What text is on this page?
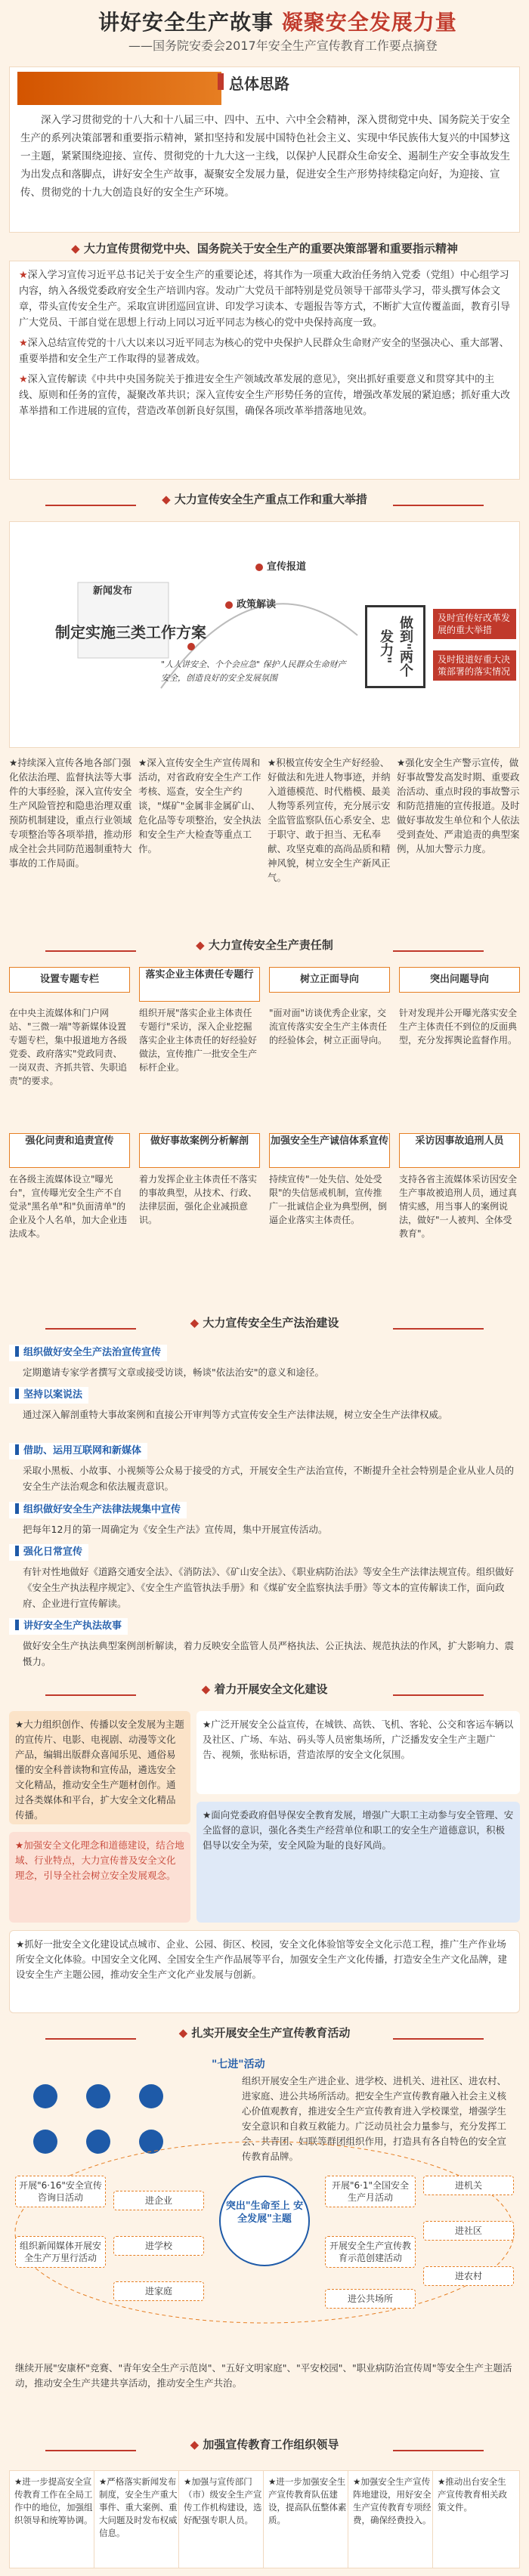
讲好安全生产故事 凝聚安全发展力量
——国务院安委会2017年安全生产宣传教育工作要点摘登
总体思路
深入学习贯彻党的十八大和十八届三中、四中、五中、六中全会精神，深入贯彻党中央、国务院关于安全生产的系列决策部署和重要指示精神，紧扣坚持和发展中国特色社会主义、实现中华民族伟大复兴的中国梦这一主题，紧紧围绕迎接、宣传、贯彻党的十九大这一主线，以保护人民群众生命安全、遏制生产安全事故发生为出发点和落脚点，讲好安全生产故事，凝聚安全发展力量，促进安全生产形势持续稳定向好，为迎接、宣传、贯彻党的十九大创造良好的安全生产环境。
◆ 大力宣传贯彻党中央、国务院关于安全生产的重要决策部署和重要指示精神

★深入学习宣传习近平总书记关于安全生产的重要论述，将其作为一项重大政治任务纳入党委（党组）中心组学习内容，纳入各级党委政府安全生产培训内容。发动广大党员干部特别是党员领导干部带头学习，带头撰写体会文章，带头宣传安全生产。采取宣讲团巡回宣讲、印发学习读本、专题报告等方式，不断扩大宣传覆盖面，教育引导广大党员、干部自觉在思想上行动上同以习近平同志为核心的党中央保持高度一致。

★深入总结宣传党的十八大以来以习近平同志为核心的党中央保护人民群众生命财产安全的坚强决心、重大部署、重要举措和安全生产工作取得的显著成效。

★深入宣传解读《中共中央国务院关于推进安全生产领域改革发展的意见》，突出抓好重要意义和贯穿其中的主线、原则和任务的宣传，凝聚改革共识；深入宣传安全生产形势任务的宣传，增强改革发展的紧迫感；抓好重大改革举措和工作进展的宣传，营造改革创新良好氛围，确保各项改革举措落地见效。

◆ 大力宣传安全生产重点工作和重大举措
宣传报道
政策解读
新闻发布
制定实施三类工作方案
"人人讲安全、个个会应急" 保护人民群众生命财产安全，创造良好的安全发展氛围
做到"两个发力"
及时宣传好改革发展的重大举措
及时报道好重大决策部署的落实情况
★持续深入宣传各地各部门强化依法治理、监督执法等大事件的大事经验，深入宣传安全生产风险管控和隐患治理双重预防机制建设，重点行业领域专项整治等各项举措，推动形成全社会共同防范遏制重特大事故的工作局面。
★深入宣传安全生产宣传周和活动，对省政府安全生产工作考核、巡查，安全生产约谈，"煤矿"金属非金属矿山、危化品等专项整治，安全执法和安全生产大检查等重点工作。
★积极宣传安全生产好经验、好做法和先进人物事迹，并纳入道德模范、时代楷模、最美人物等系列宣传，充分展示安全监管监察队伍心系安全、忠于职守、敢于担当、无私奉献、攻坚克难的高尚品质和精神风貌，树立安全生产新风正气。
★强化安全生产警示宣传，做好事故警发高发时期、重要政治活动、重点时段的事故警示和防范措施的宣传报道。及时做好事故发生单位和个人依法受到查处、严肃追责的典型案例，从加大警示力度。
◆ 大力宣传安全生产责任制
设置专题专栏	落实企业主体责任专题行	树立正面导向	突出问题导向
在中央主流媒体和门户网站、"三微一端"等新媒体设置专题专栏，集中报道地方各级党委、政府落实"党政同责、一岗双责、齐抓共管、失职追责"的要求。
组织开展"落实企业主体责任专题行"采访，深入企业挖掘落实企业主体责任的好经验好做法，宣传推广一批安全生产标杆企业。
"面对面"访谈优秀企业家，交流宣传落实安全生产主体责任的经验体会，树立正面导向。
针对发现并公开曝光落实安全生产主体责任不到位的反面典型，充分发挥舆论监督作用。
强化问责和追责宣传	做好事故案例分析解剖	加强安全生产诚信体系宣传	采访因事故追刑人员
在各级主流媒体设立"曝光台"，宣传曝光安全生产不自觉录"黑名单"和"负面清单"的企业及个人名单，加大企业违法成本。
着力发挥企业主体责任不落实的事故典型，从技术、行政、法律层面，强化企业减损意识。
持续宣传"一处失信、处处受限"的失信惩戒机制，宣传推广一批诚信企业为典型例，倒逼企业落实主体责任。
支持各省主流媒体采访因安全生产事故被追刑人员，通过真情实感，用当事人的案例说法，做好"一人被判、全体受教育"。
◆ 大力宣传安全生产法治建设
组织做好安全生产法治宣传宣传
定期邀请专家学者撰写文章或接受访谈，畅谈"依法治安"的意义和途径。
坚持以案说法
通过深入解剖重特大事故案例和直接公开审判等方式宣传安全生产法律法规，树立安全生产法律权威。
借助、运用互联网和新媒体
采取小黑板、小故事、小视频等公众易于接受的方式，开展安全生产法治宣传，不断提升全社会特别是企业从业人员的安全生产法治观念和依法履责意识。
组织做好安全生产法律法规集中宣传
把每年12月的第一周确定为《安全生产法》宣传周，集中开展宣传活动。
强化日常宣传
有针对性地做好《道路交通安全法》、《消防法》、《矿山安全法》、《职业病防治法》等安全生产法律法规宣传。组织做好《安全生产执法程序规定》、《安全生产监管执法手册》和《煤矿安全监察执法手册》等文本的宣传解读工作，面向政府、企业进行宣传解读。
讲好安全生产执法故事
做好安全生产执法典型案例剖析解读，着力反映安全监管人员严格执法、公正执法、规范执法的作风，扩大影响力、震慑力。
◆ 着力开展安全文化建设
★大力组织创作、传播以安全发展为主题的宣传片、电影、电视剧、动漫等文化产品，编辑出版群众喜闻乐见、通俗易懂的安全科普读物和宣传品，遴选安全文化精品，推动安全生产题材创作。通过各类媒体和平台，扩大安全文化精品传播。
★广泛开展安全公益宣传，在城铁、高铁、飞机、客轮、公交和客运车辆以及社区、广场、车站、码头等人员密集场所，广泛播发安全生产主题广告、视频，张贴标语，营造浓厚的安全文化氛围。
★加强安全文化理念和道德建设，结合地域、行业特点，大力宣传普及安全文化理念，引导全社会树立安全发展观念。
★面向党委政府倡导保安全教育发展，增强广大职工主动参与安全管理、安全监督的意识，强化各类生产经营单位和职工的安全生产道德意识，积极倡导以安全为荣，安全风险为耻的良好风尚。
★抓好一批安全文化建设试点城市、企业、公园、街区、校园，安全文化体验馆等安全文化示范工程，推广生产作业场所安全文化体验。中国安全文化网、全国安全生产作品展等平台，加强安全生产文化传播，打造安全生产文化品牌，建设安全生产主题公园，推动安全生产文化产业发展与创新。
◆ 扎实开展安全生产宣传教育活动
"七进"活动
组织开展安全生产进企业、进学校、进机关、进社区、进农村、进家庭、进公共场所活动。把安全生产宣传教育融入社会主义核心价值观教育，推进安全生产宣传教育进入学校课堂，增强学生安全意识和自救互救能力。广泛动员社会力量参与，充分发挥工会、共青团、妇联等群团组织作用，打造具有各自特色的安全宣传教育品牌。
突出"生命至上 安全发展"主题
开展"6·16"安全宣传咨询日活动
组织新闻媒体开展安全生产万里行活动
进企业
进学校
开展"6·1"全国安全生产月活动
开展安全生产宣传教育示范创建活动
进机关
进社区
进农村
进家庭
进公共场所
继续开展"安康杯"竞赛、"青年安全生产示范岗"、"五好文明家庭"、"平安校园"、"职业病防治宣传周"等安全生产主题活动，推动安全生产共建共享活动，推动安全生产共治。
◆ 加强宣传教育工作组织领导
★进一步提高安全宣传教育工作在全局工作中的地位，加强组织领导和统筹协调。
★严格落实新闻发布制度，安全生产重大事件、重大案例、重大问题及时发布权威信息。
★加强与宣传部门（市）级安全生产宣传工作机构建设，选好配强专职人员。
★进一步加强安全生产宣传教育队伍建设，提高队伍整体素质。
★加强安全生产宣传阵地建设，用好安全生产宣传教育专项经费，确保经费投入。
★推动出台安全生产宣传教育相关政策文件。
